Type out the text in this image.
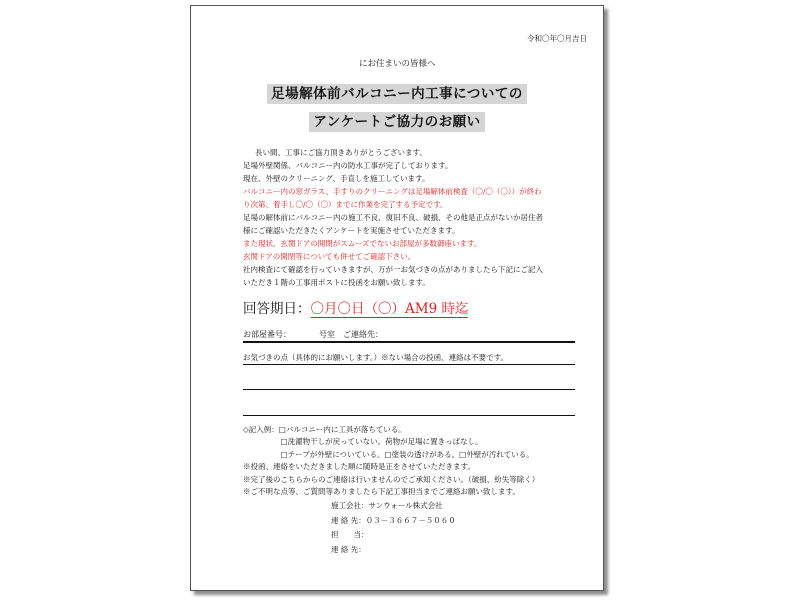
令和〇年〇月吉日
にお住まいの皆様へ
足場解体前バルコニー内工事についての
アンケートご協力のお願い
長い間、工事にご協力頂きありがとうございます。
足場外壁関係、バルコニー内の防水工事が完了しております。
現在、外壁のクリーニング、手直しを施工しています。
バルコニー内の窓ガラス、手すりのクリーニングは足場解体前検査（〇/〇（〇））が終わ
り次第、着手し〇/〇（〇）までに作業を完了する予定です。
足場の解体前にバルコニー内の施工不良、復旧不良、破損、その他是正点がないか居住者
様にご確認いただきたくアンケートを実施させていただきます。
また現状、玄関ドアの開閉がスムーズでないお部屋が多数御座います。
玄関ドアの開閉等についても併せてご確認下さい。
社内検査にて確認を行っていきますが、万が一お気づきの点がありましたら下記にご記入
いただき１階の工事用ポストに投函をお願い致します。
回答期日：〇月〇日（〇）AM9 時迄
お部屋番号：　　　　号室　ご連絡先：
お気づきの点（具体的にお願いします。）※ない場合の投函、連絡は不要です。
◇記入例：□バルコニー内に工具が落ちている。
　　　　　□洗濯物干しが戻っていない。荷物が足場に置きっぱなし。
　　　　　□テープが外壁についている。□塗装の透けがある。□外壁が汚れている。
※投函、連絡をいただきました順に随時是正をさせていただきます。
※完了後のこちらからのご連絡は行いませんのでご承知ください。（破損、紛失等除く）
※ご不明な点等、ご質問等ありましたら下記工事担当までご連絡お願い致します。
施工会社：サンウォール株式会社
連 絡 先：０３－３６６７－５０６０
担　　当：
連 絡 先：
